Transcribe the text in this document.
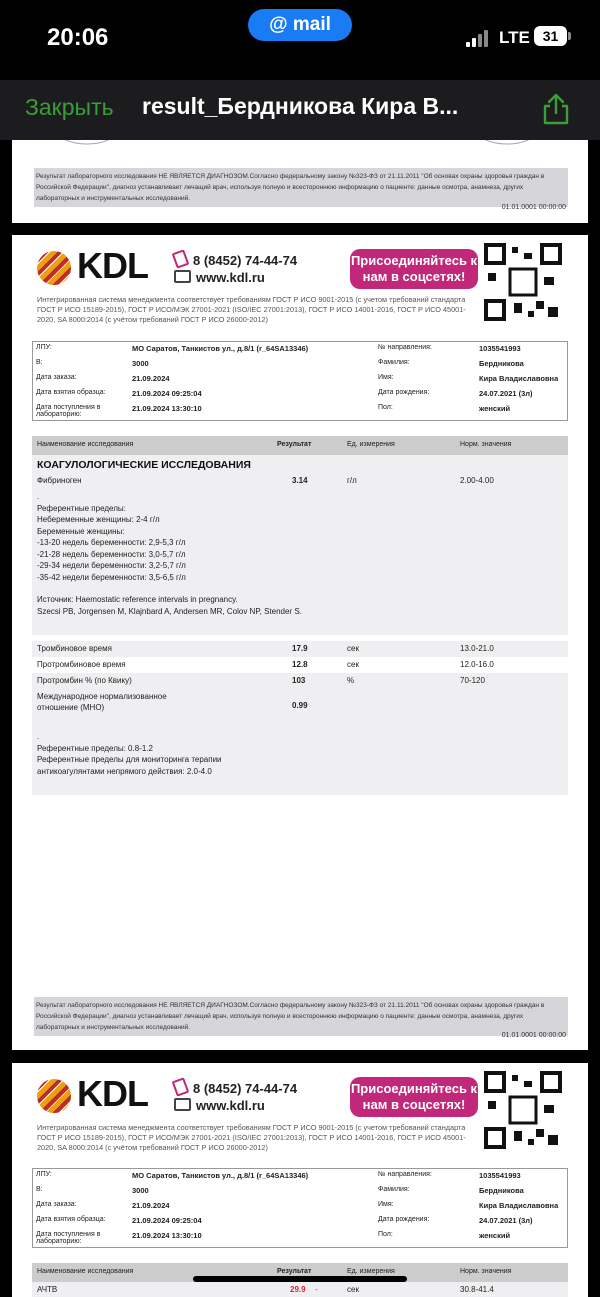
20:06	@ mail
LTE 31
Закрыть result_Бердникова Кира В...
Результат лабораторного исследования НЕ ЯВЛЯЕТСЯ ДИАГНОЗОМ.Согласно федеральному закону №323-ФЗ от 21.11.2011 "Об основах охраны здоровья граждан в Российской Федерации", диагноз устанавливает лечащий врач, используя полную и всестороннюю информацию о пациенте: данные осмотра, анамнеза, других лабораторных и инструментальных исследований.
01.01.0001 00:00:00
KDL	8 (8452) 74-44-74
www.kdl.ru
Присоединяйтесь к нам в соцсетях!
Интегрированная система менеджмента соответствует требованиям ГОСТ Р ИСО 9001-2015 (с учетом требований стандарта ГОСТ Р ИСО 15189-2015), ГОСТ Р ИСО/МЭК 27001-2021 (ISO/IEC 27001:2013), ГОСТ Р ИСО 14001-2016, ГОСТ Р ИСО 45001-2020, SA 8000:2014 (с учётом требований ГОСТ Р ИСО 26000-2012)
ЛПУ:	МО Саратов, Танкистов ул., д.8/1 (r_64SA13346)	№ направления:	1035541993
В:	3000	Фамилия:	Бердникова
Дата заказа:	21.09.2024	Имя:	Кира Владиславовна
Дата взятия образца:	21.09.2024 09:25:04	Дата рождения:	24.07.2021 (3л)
Дата поступления в лабораторию:	21.09.2024 13:30:10	Пол:	женский
Наименование исследования	Результат	Ед. измерения	Норм. значения
КОАГУЛОЛОГИЧЕСКИЕ ИССЛЕДОВАНИЯ
Фибриноген	3.14	г/л	2.00-4.00
.
Референтные пределы:
Небеременные женщины: 2-4 г/л
Беременные женщины:
-13-20 недель беременности: 2,9-5,3 г/л
-21-28 недель беременности: 3,0-5,7 г/л
-29-34 недели беременности: 3,2-5,7 г/л
-35-42 недели беременности: 3,5-6,5 г/л
Источник: Haemostatic reference intervals in pregnancy.
Szecsi PB, Jorgensen M, Klajnbard A, Andersen MR, Colov NP, Stender S.
Тромбиновое время	17.9	сек	13.0-21.0
Протромбиновое время	12.8	сек	12.0-16.0
Протромбин % (по Квику)	103	%	70-120
Международное нормализованное отношение (МНО)	0.99
.
Референтные пределы: 0.8-1.2
Референтные пределы для мониторинга терапии антикоагулянтами непрямого действия: 2.0-4.0
Результат лабораторного исследования НЕ ЯВЛЯЕТСЯ ДИАГНОЗОМ.Согласно федеральному закону №323-ФЗ от 21.11.2011 "Об основах охраны здоровья граждан в Российской Федерации", диагноз устанавливает лечащий врач, используя полную и всестороннюю информацию о пациенте: данные осмотра, анамнеза, других лабораторных и инструментальных исследований.
01.01.0001 00:00:00
KDL	8 (8452) 74-44-74
www.kdl.ru
Присоединяйтесь к нам в соцсетях!
Интегрированная система менеджмента соответствует требованиям ГОСТ Р ИСО 9001-2015 (с учетом требований стандарта ГОСТ Р ИСО 15189-2015), ГОСТ Р ИСО/МЭК 27001-2021 (ISO/IEC 27001:2013), ГОСТ Р ИСО 14001-2016, ГОСТ Р ИСО 45001-2020, SA 8000:2014 (с учётом требований ГОСТ Р ИСО 26000-2012)
ЛПУ:	МО Саратов, Танкистов ул., д.8/1 (r_64SA13346)	№ направления:	1035541993
В:	3000	Фамилия:	Бердникова
Дата заказа:	21.09.2024	Имя:	Кира Владиславовна
Дата взятия образца:	21.09.2024 09:25:04	Дата рождения:	24.07.2021 (3л)
Дата поступления в лабораторию:	21.09.2024 13:30:10	Пол:	женский
Наименование исследования	Результат	Ед. измерения	Норм. значения
АЧТВ	29.9 -	сек	30.8-41.4
